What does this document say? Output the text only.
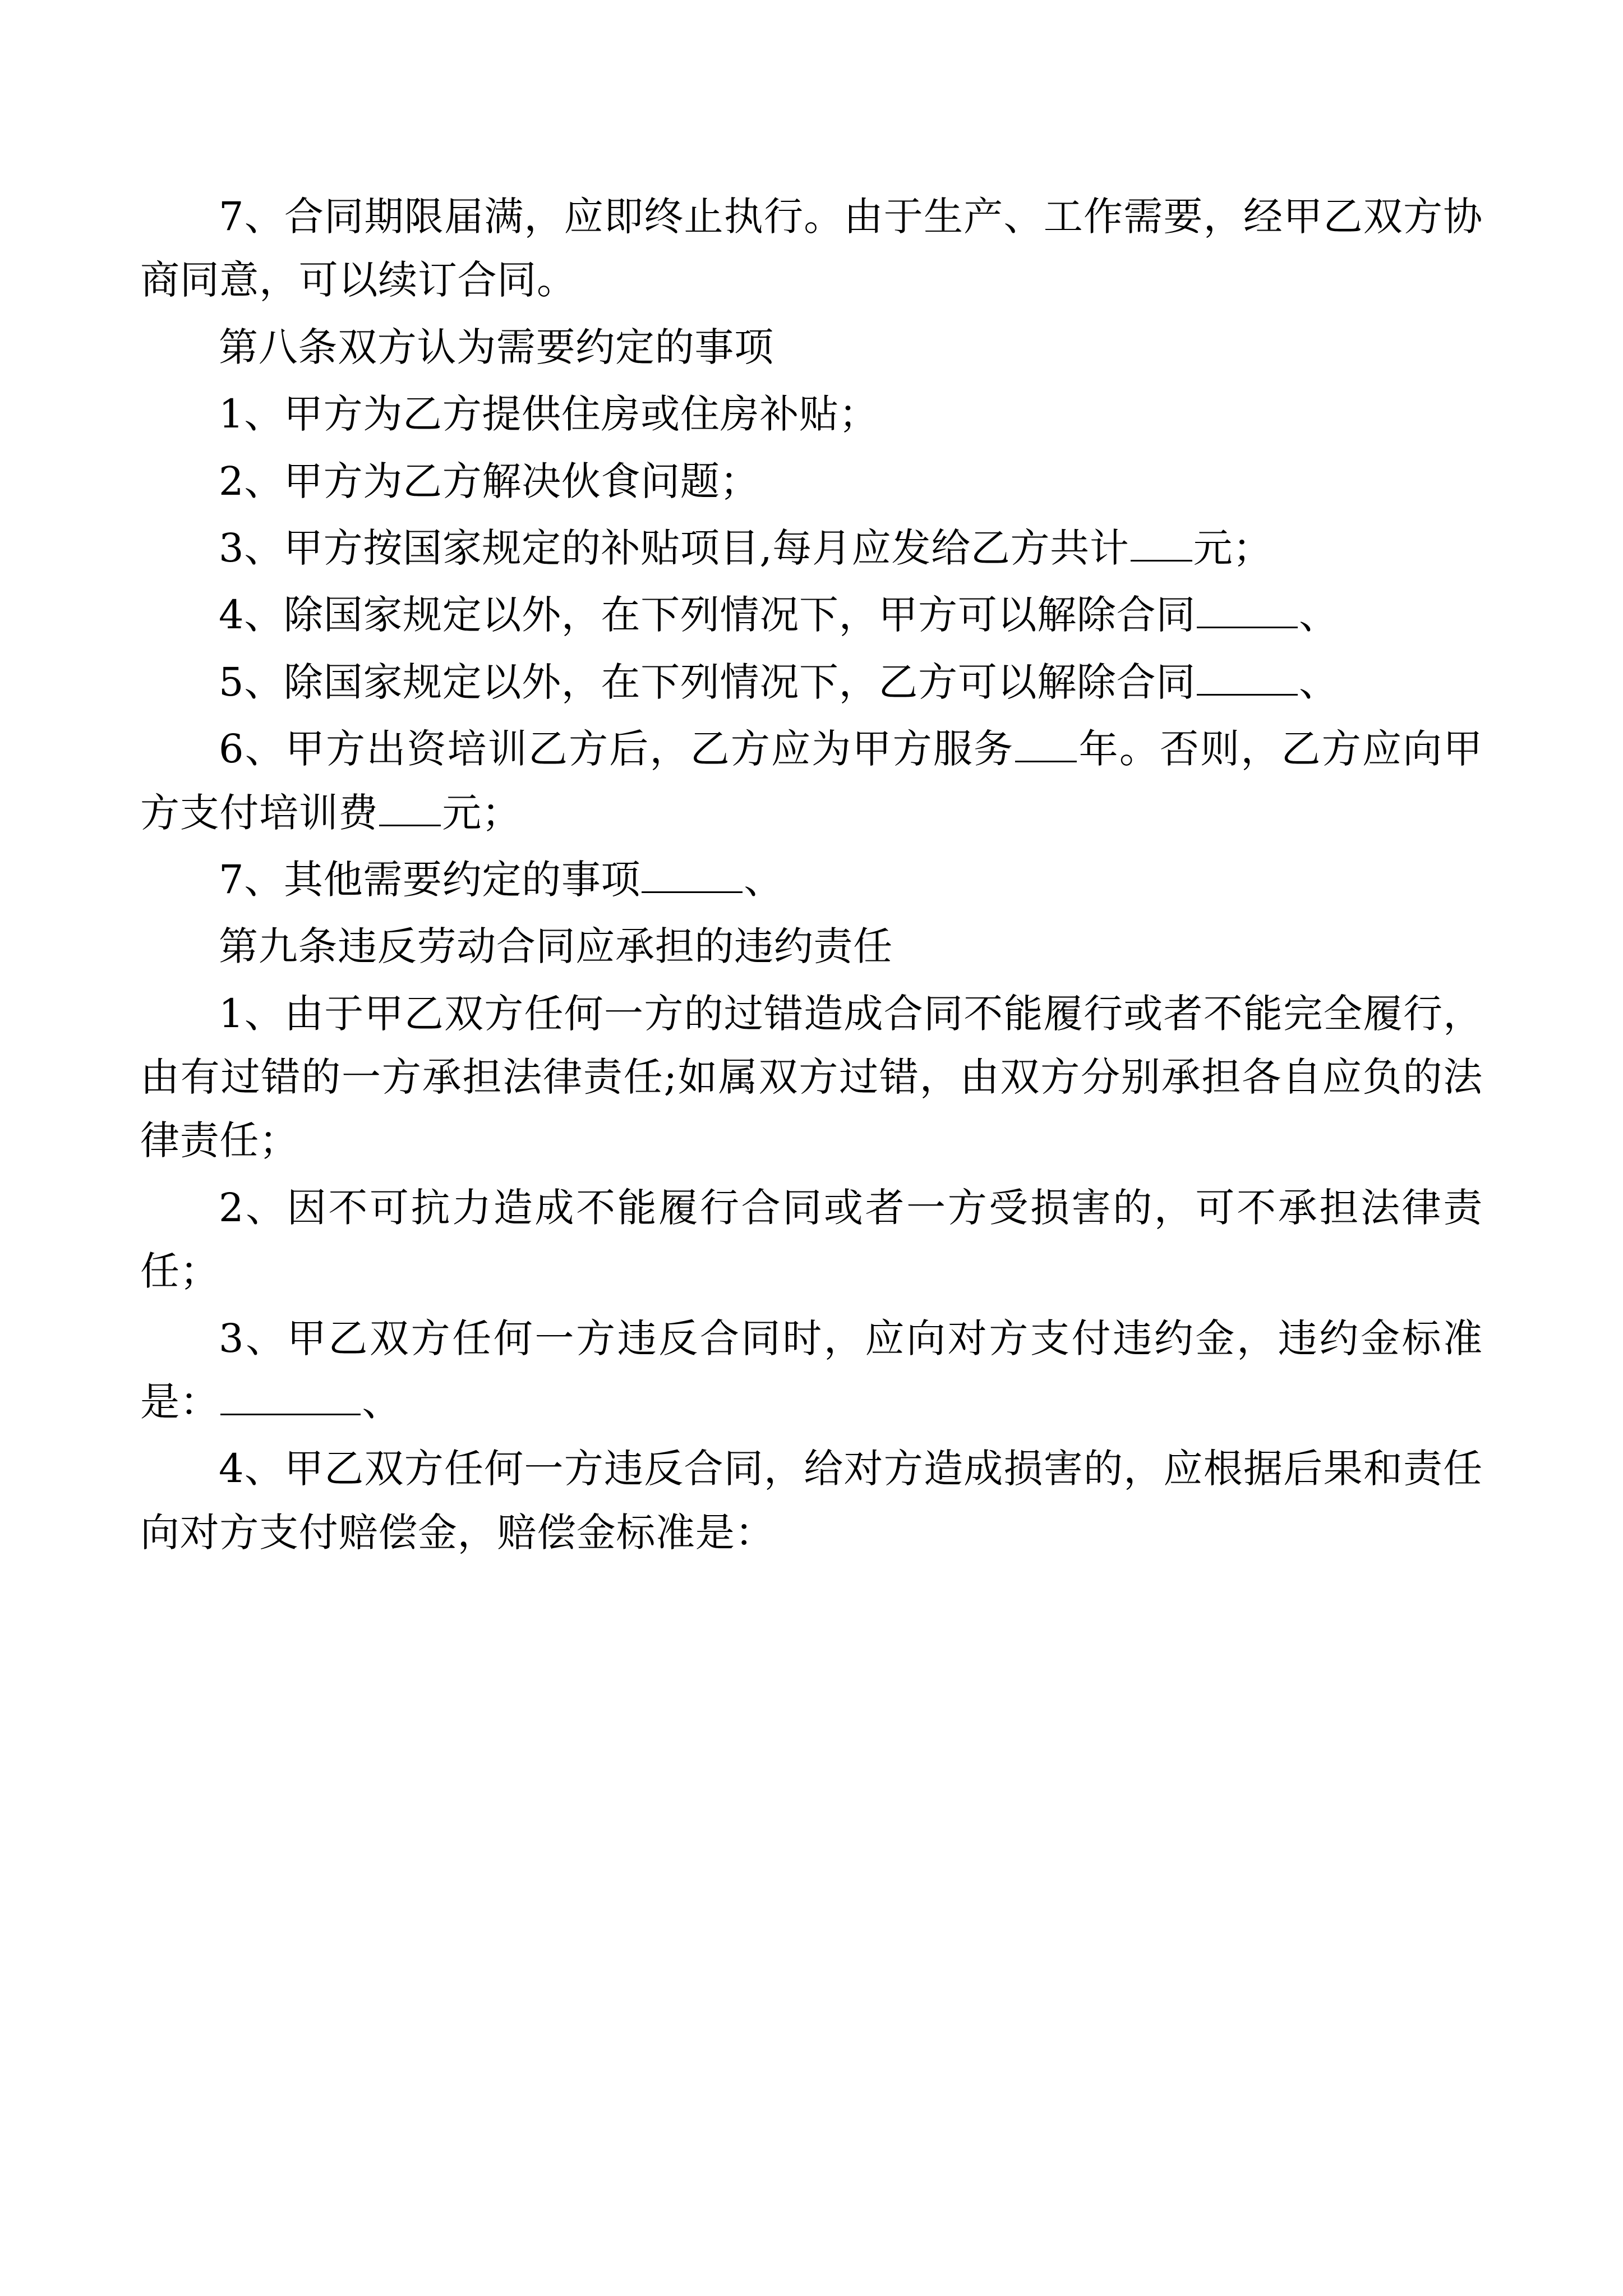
7、合同期限届满，应即终止执行。由于生产、工作需要，经甲乙双方协商同意，可以续订合同。

第八条双方认为需要约定的事项

1、甲方为乙方提供住房或住房补贴；

2、甲方为乙方解决伙食问题；

3、甲方按国家规定的补贴项目,每月应发给乙方共计 元；

4、除国家规定以外，在下列情况下，甲方可以解除合同	、

5、除国家规定以外，在下列情况下，乙方可以解除合同	、

6、甲方出资培训乙方后，乙方应为甲方服务 年。否则，乙方应向甲方支付培训费 元；

7、其他需要约定的事项	、

第九条违反劳动合同应承担的违约责任

1、由于甲乙双方任何一方的过错造成合同不能履行或者不能完全履行，由有过错的一方承担法律责任;如属双方过错，由双方分别承担各自应负的法律责任；

2、因不可抗力造成不能履行合同或者一方受损害的，可不承担法律责任；

3、甲乙双方任何一方违反合同时，应向对方支付违约金，违约金标准是：	、

4、甲乙双方任何一方违反合同，给对方造成损害的，应根据后果和责任向对方支付赔偿金，赔偿金标准是：
